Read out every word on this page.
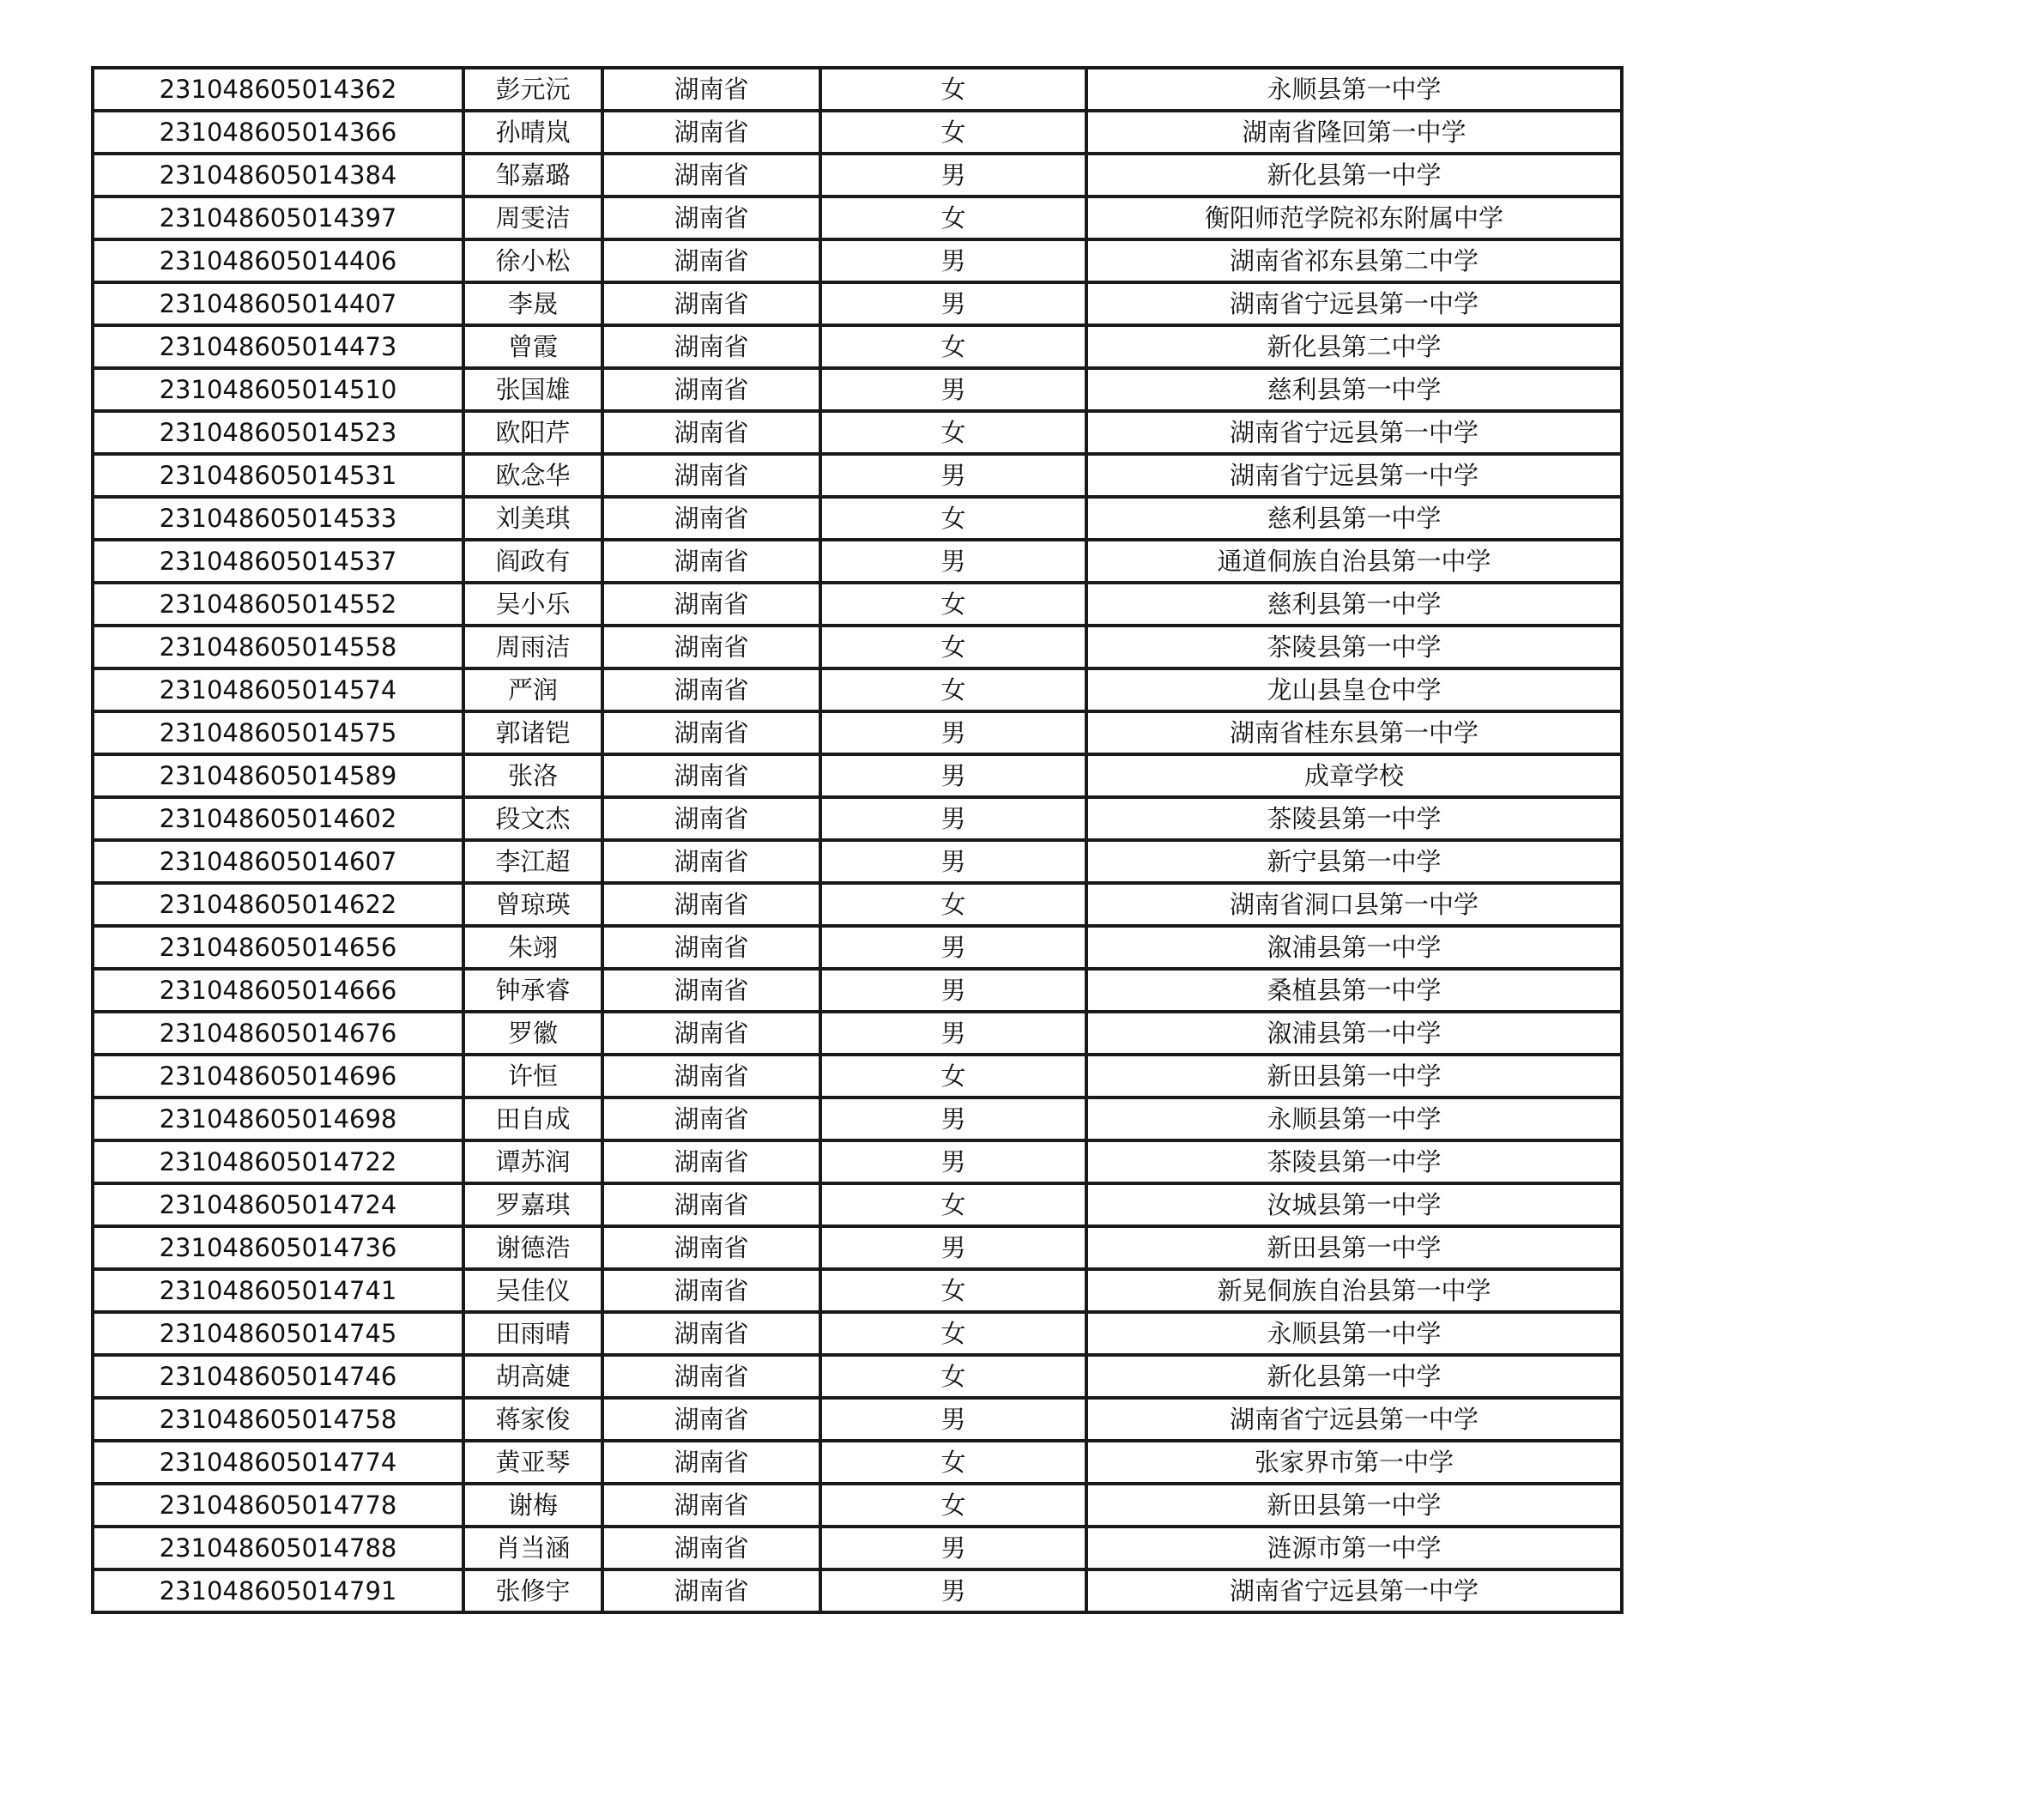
231048605014362	彭元沅	湖南省	女	永顺县第一中学
231048605014366	孙晴岚	湖南省	女	湖南省隆回第一中学
231048605014384	邹嘉璐	湖南省	男	新化县第一中学
231048605014397	周雯洁	湖南省	女	衡阳师范学院祁东附属中学
231048605014406	徐小松	湖南省	男	湖南省祁东县第二中学
231048605014407	李晟	湖南省	男	湖南省宁远县第一中学
231048605014473	曾霞	湖南省	女	新化县第二中学
231048605014510	张国雄	湖南省	男	慈利县第一中学
231048605014523	欧阳芹	湖南省	女	湖南省宁远县第一中学
231048605014531	欧念华	湖南省	男	湖南省宁远县第一中学
231048605014533	刘美琪	湖南省	女	慈利县第一中学
231048605014537	阎政有	湖南省	男	通道侗族自治县第一中学
231048605014552	吴小乐	湖南省	女	慈利县第一中学
231048605014558	周雨洁	湖南省	女	茶陵县第一中学
231048605014574	严润	湖南省	女	龙山县皇仓中学
231048605014575	郭诸铠	湖南省	男	湖南省桂东县第一中学
231048605014589	张洛	湖南省	男	成章学校
231048605014602	段文杰	湖南省	男	茶陵县第一中学
231048605014607	李江超	湖南省	男	新宁县第一中学
231048605014622	曾琼瑛	湖南省	女	湖南省洞口县第一中学
231048605014656	朱翊	湖南省	男	溆浦县第一中学
231048605014666	钟承睿	湖南省	男	桑植县第一中学
231048605014676	罗徽	湖南省	男	溆浦县第一中学
231048605014696	许恒	湖南省	女	新田县第一中学
231048605014698	田自成	湖南省	男	永顺县第一中学
231048605014722	谭苏润	湖南省	男	茶陵县第一中学
231048605014724	罗嘉琪	湖南省	女	汝城县第一中学
231048605014736	谢德浩	湖南省	男	新田县第一中学
231048605014741	吴佳仪	湖南省	女	新晃侗族自治县第一中学
231048605014745	田雨晴	湖南省	女	永顺县第一中学
231048605014746	胡高婕	湖南省	女	新化县第一中学
231048605014758	蒋家俊	湖南省	男	湖南省宁远县第一中学
231048605014774	黄亚琴	湖南省	女	张家界市第一中学
231048605014778	谢梅	湖南省	女	新田县第一中学
231048605014788	肖当涵	湖南省	男	涟源市第一中学
231048605014791	张修宇	湖南省	男	湖南省宁远县第一中学
